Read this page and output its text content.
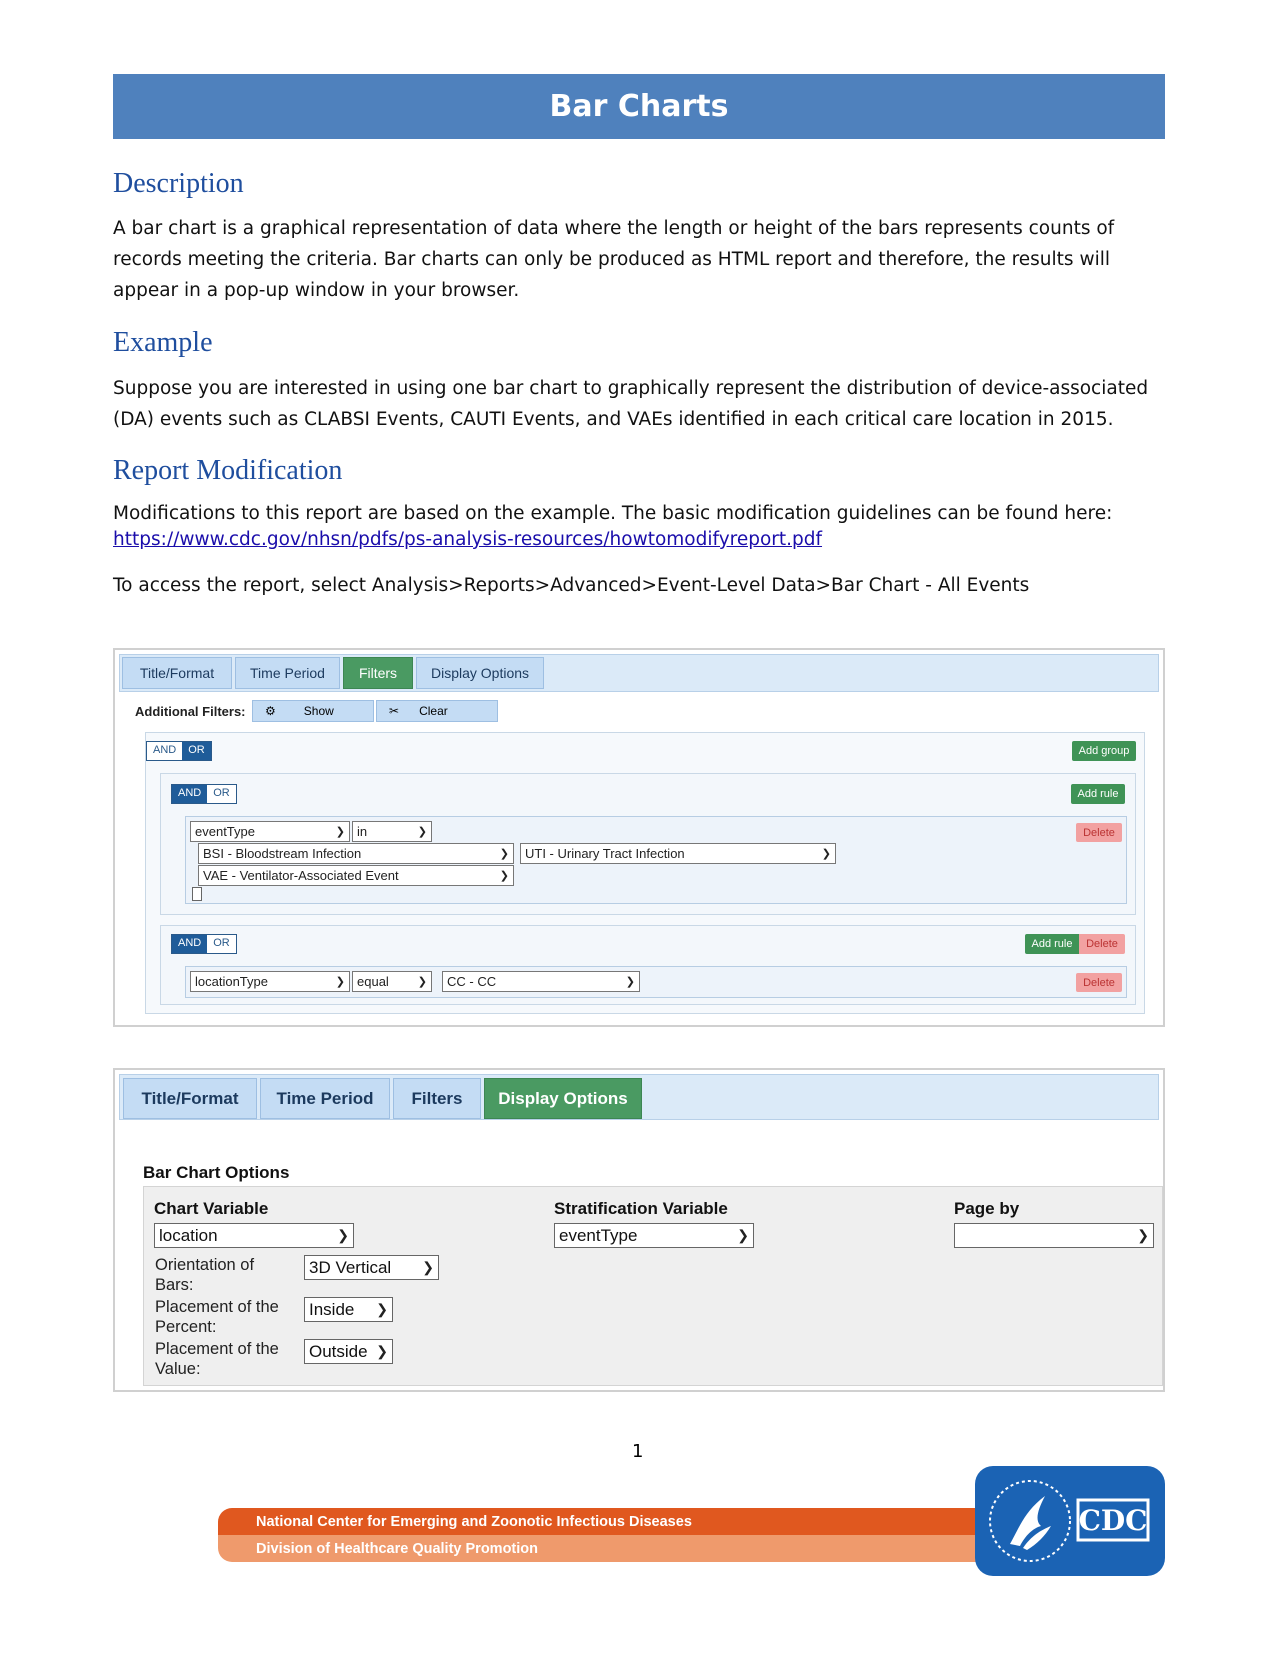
Bar Charts
Description
A bar chart is a graphical representation of data where the length or height of the bars represents counts of records meeting the criteria. Bar charts can only be produced as HTML report and therefore, the results will appear in a pop-up window in your browser.
Example
Suppose you are interested in using one bar chart to graphically represent the distribution of device-associated (DA) events such as CLABSI Events, CAUTI Events, and VAEs identified in each critical care location in 2015.
Report Modification
Modifications to this report are based on the example. The basic modification guidelines can be found here:
https://www.cdc.gov/nhsn/pdfs/ps-analysis-resources/howtomodifyreport.pdf
To access the report, select Analysis>Reports>Advanced>Event-Level Data>Bar Chart - All Events
Title/Format	Time Period	Filters	Display Options
Additional Filters: ⚙ Show	✂ Clear
AND	OR	Add group
AND	OR	Add rule
eventType	❯ in	❯
BSI - Bloodstream Infection	❯	UTI - Urinary Tract Infection	❯
VAE - Ventilator-Associated Event	❯
Delete
AND	OR	Add rule	Delete
locationType	❯ equal	❯	CC - CC	❯	Delete
Title/Format	Time Period	Filters	Display Options
Bar Chart Options
Chart Variable
location	❯
Stratification Variable
eventType	❯
Page by
❯
Orientation of Bars:
3D Vertical ❯
Placement of the Percent:
Inside ❯
Placement of the Value:
Outside ❯
1
National Center for Emerging and Zoonotic Infectious Diseases
Division of Healthcare Quality Promotion
CDC
